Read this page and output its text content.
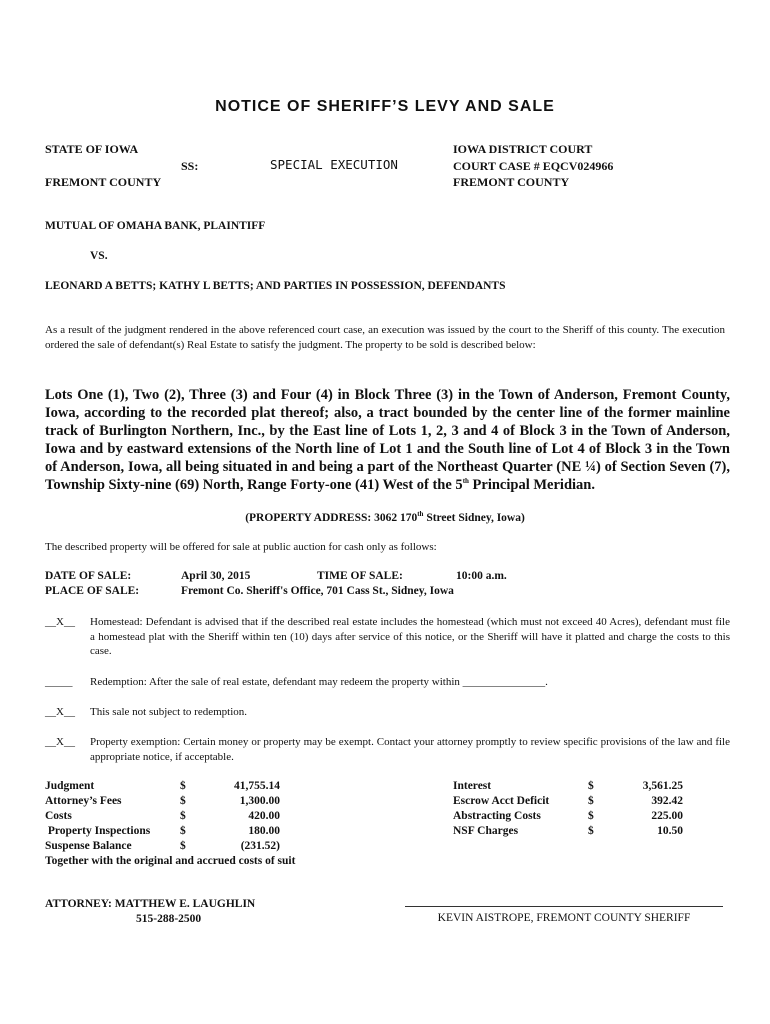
NOTICE OF SHERIFF’S LEVY AND SALE
STATE OF IOWA
SS:
FREMONT COUNTY
SPECIAL EXECUTION
IOWA DISTRICT COURT
COURT CASE # EQCV024966
FREMONT COUNTY
MUTUAL OF OMAHA BANK, PLAINTIFF
VS.
LEONARD A BETTS; KATHY L BETTS; AND PARTIES IN POSSESSION, DEFENDANTS
As a result of the judgment rendered in the above referenced court case, an execution was issued by the court to the Sheriff of this county. The execution ordered the sale of defendant(s) Real Estate to satisfy the judgment. The property to be sold is described below:
Lots One (1), Two (2), Three (3) and Four (4) in Block Three (3) in the Town of Anderson, Fremont County, Iowa, according to the recorded plat thereof; also, a tract bounded by the center line of the former mainline track of Burlington Northern, Inc., by the East line of Lots 1, 2, 3 and 4 of Block 3 in the Town of Anderson, Iowa and by eastward extensions of the North line of Lot 1 and the South line of Lot 4 of Block 3 in the Town of Anderson, Iowa, all being situated in and being a part of the Northeast Quarter (NE ¼) of Section Seven (7), Township Sixty-nine (69) North, Range Forty-one (41) West of the 5th Principal Meridian.
(PROPERTY ADDRESS: 3062 170th Street Sidney, Iowa)
The described property will be offered for sale at public auction for cash only as follows:
DATE OF SALE:	April 30, 2015	TIME OF SALE:	10:00 a.m.
PLACE OF SALE:	Fremont Co. Sheriff's Office, 701 Cass St., Sidney, Iowa
__X__	Homestead: Defendant is advised that if the described real estate includes the homestead (which must not exceed 40 Acres), defendant must file a homestead plat with the Sheriff within ten (10) days after service of this notice, or the Sheriff will have it platted and charge the costs to this case.
_____	Redemption: After the sale of real estate, defendant may redeem the property within _______________.
__X__	This sale not subject to redemption.
__X__	Property exemption: Certain money or property may be exempt. Contact your attorney promptly to review specific provisions of the law and file appropriate notice, if acceptable.
Judgment	$	41,755.14
Attorney’s Fees	$	1,300.00
Costs	$	420.00
Property Inspections	$	180.00
Suspense Balance	$	(231.52)
Interest	$	3,561.25
Escrow Acct Deficit	$	392.42
Abstracting Costs	$	225.00
NSF Charges	$	10.50
Together with the original and accrued costs of suit
ATTORNEY: MATTHEW E. LAUGHLIN
515-288-2500	KEVIN AISTROPE, FREMONT COUNTY SHERIFF
